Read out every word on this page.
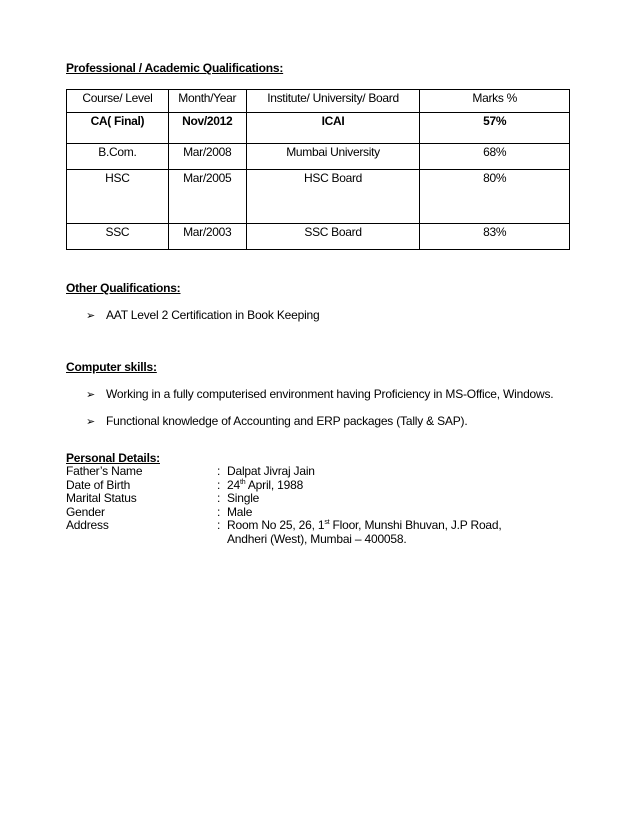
Professional / Academic Qualifications:
Course/ Level	Month/Year	Institute/ University/ Board	Marks %
CA( Final)	Nov/2012	ICAI	57%
B.Com.	Mar/2008	Mumbai University	68%
HSC	Mar/2005	HSC Board	80%
SSC	Mar/2003	SSC Board	83%
Other Qualifications:
➢ AAT Level 2 Certification in Book Keeping
Computer skills:
➢ Working in a fully computerised environment having Proficiency in MS-Office, Windows.
➢ Functional knowledge of Accounting and ERP packages (Tally & SAP).
Personal Details:
Father’s Name	: Dalpat Jivraj Jain
Date of Birth	: 24th April, 1988
Marital Status	: Single
Gender	: Male
Address	: Room No 25, 26, 1st Floor, Munshi Bhuvan, J.P Road,
Andheri (West), Mumbai – 400058.
